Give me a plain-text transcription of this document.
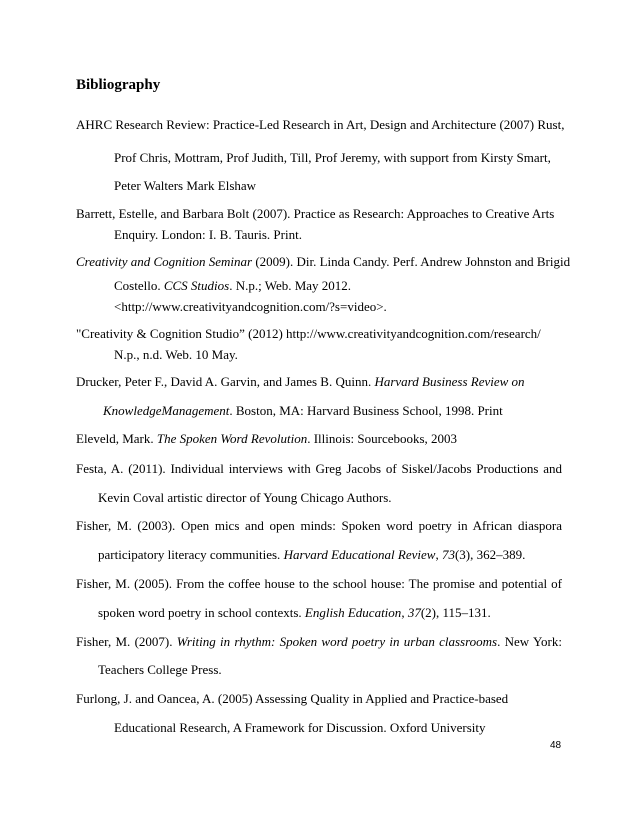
Bibliography
AHRC Research Review: Practice-Led Research in Art, Design and Architecture (2007) Rust,
Prof Chris, Mottram, Prof Judith, Till, Prof Jeremy, with support from Kirsty Smart,
Peter Walters Mark Elshaw
Barrett, Estelle, and Barbara Bolt (2007). Practice as Research: Approaches to Creative Arts
Enquiry. London: I. B. Tauris. Print.
Creativity and Cognition Seminar (2009). Dir. Linda Candy. Perf. Andrew Johnston and Brigid
Costello. CCS Studios. N.p.; Web. May 2012.
<http://www.creativityandcognition.com/?s=video>.
"Creativity & Cognition Studio” (2012) http://www.creativityandcognition.com/research/
N.p., n.d. Web. 10 May.
Drucker, Peter F., David A. Garvin, and James B. Quinn. Harvard Business Review on
KnowledgeManagement. Boston, MA: Harvard Business School, 1998. Print
Eleveld, Mark. The Spoken Word Revolution. Illinois: Sourcebooks, 2003
Festa, A. (2011). Individual interviews with Greg Jacobs of Siskel/Jacobs Productions and
Kevin Coval artistic director of Young Chicago Authors.
Fisher, M. (2003). Open mics and open minds: Spoken word poetry in African diaspora
participatory literacy communities. Harvard Educational Review, 73(3), 362–389.
Fisher, M. (2005). From the coffee house to the school house: The promise and potential of
spoken word poetry in school contexts. English Education, 37(2), 115–131.
Fisher, M. (2007). Writing in rhythm: Spoken word poetry in urban classrooms. New York:
Teachers College Press.
Furlong, J. and Oancea, A. (2005) Assessing Quality in Applied and Practice-based
Educational Research, A Framework for Discussion. Oxford University
48
